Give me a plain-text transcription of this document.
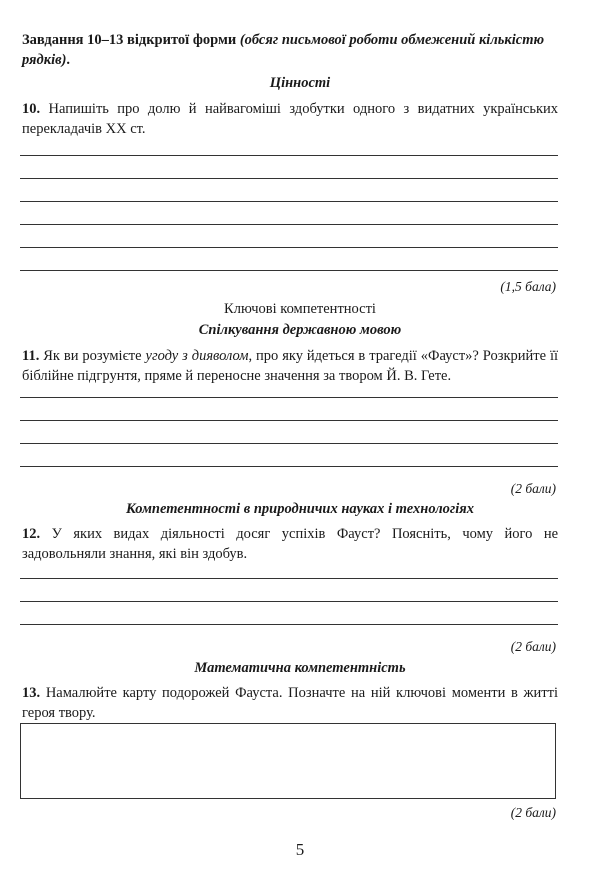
Завдання 10–13 відкритої форми (обсяг письмової роботи обмежений кількістю рядків).
Цінності
10. Напишіть про долю й найвагоміші здобутки одного з видатних українських перекладачів ХХ ст.
(1,5 бала)
Ключові компетентності
Спілкування державною мовою
11. Як ви розумієте угоду з дияволом, про яку йдеться в трагедії «Фауст»? Розкрийте її біблійне підгрунтя, пряме й переносне значення за твором Й. В. Гете.
(2 бали)
Компетентності в природничих науках і технологіях
12. У яких видах діяльності досяг успіхів Фауст? Поясніть, чому його не задовольняли знання, які він здобув.
(2 бали)
Математична компетентність
13. Намалюйте карту подорожей Фауста. Позначте на ній ключові моменти в житті героя твору.
(2 бали)
5
